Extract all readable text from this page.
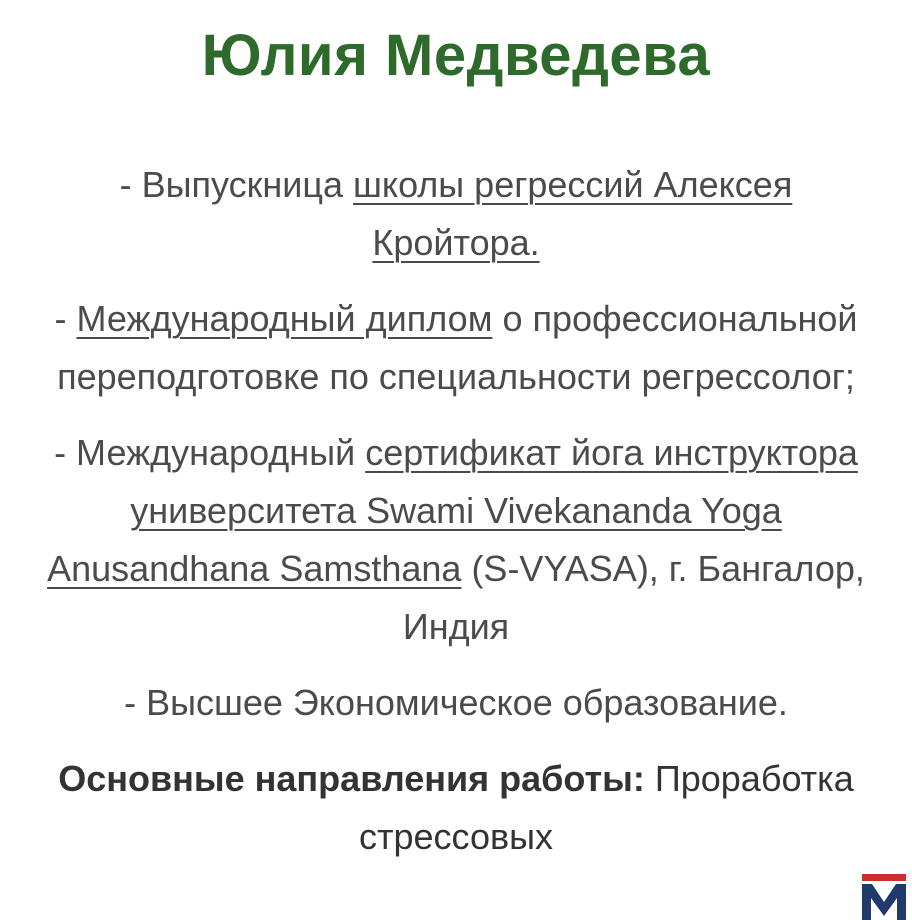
Юлия Медведева

- Выпускница школы регрессий Алексея Кройтора.

- Международный диплом о профессиональной переподготовке по специальности регрессолог;

- Международный сертификат йога инструктора университета Swami Vivekananda Yoga Anusandhana Samsthana (S-VYASA), г. Бангалор, Индия

- Высшее Экономическое образование.

Основные направления работы: Проработка стрессовых
